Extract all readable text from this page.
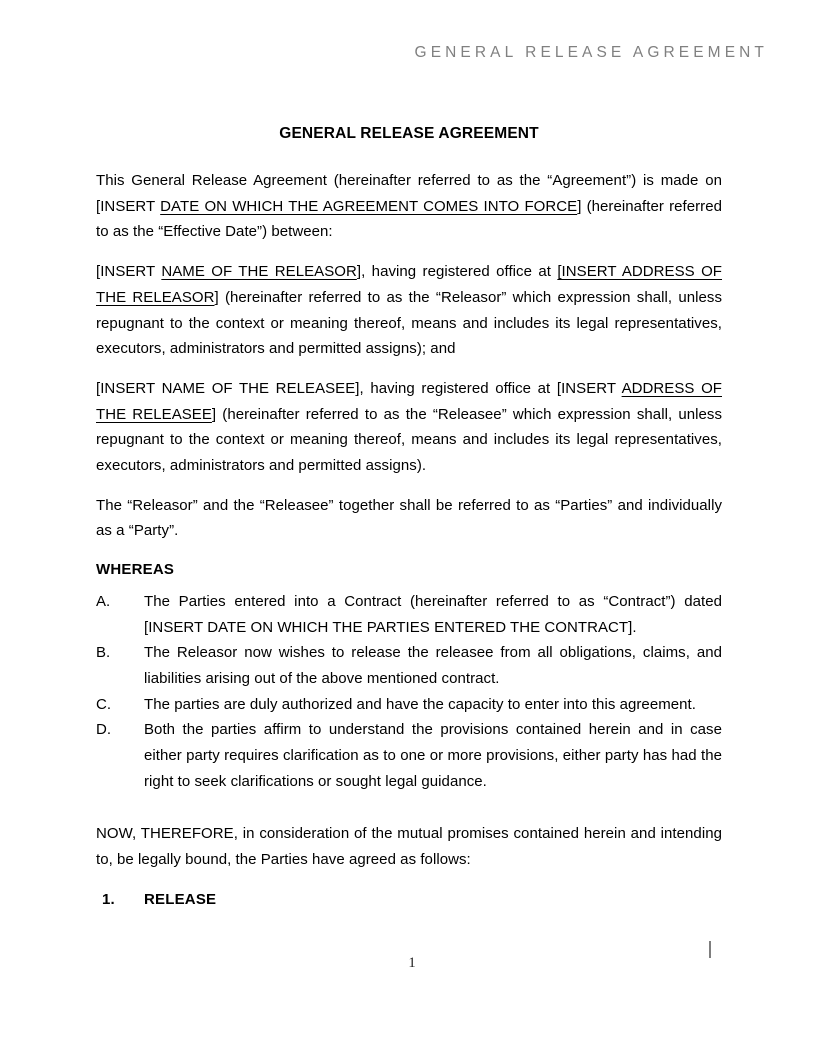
GENERAL RELEASE AGREEMENT
GENERAL RELEASE AGREEMENT

This General Release Agreement (hereinafter referred to as the “Agreement”) is made on [INSERT DATE ON WHICH THE AGREEMENT COMES INTO FORCE] (hereinafter referred to as the “Effective Date”) between:

[INSERT NAME OF THE RELEASOR], having registered office at [INSERT ADDRESS OF THE RELEASOR] (hereinafter referred to as the “Releasor” which expression shall, unless repugnant to the context or meaning thereof, means and includes its legal representatives, executors, administrators and permitted assigns); and

[INSERT NAME OF THE RELEASEE], having registered office at [INSERT ADDRESS OF THE RELEASEE] (hereinafter referred to as the “Releasee” which expression shall, unless repugnant to the context or meaning thereof, means and includes its legal representatives, executors, administrators and permitted assigns).

The “Releasor” and the “Releasee” together shall be referred to as “Parties” and individually as a “Party”.

WHEREAS
A.	The Parties entered into a Contract (hereinafter referred to as “Contract”) dated [INSERT DATE ON WHICH THE PARTIES ENTERED THE CONTRACT].
B.	The Releasor now wishes to release the releasee from all obligations, claims, and liabilities arising out of the above mentioned contract.
C.	The parties are duly authorized and have the capacity to enter into this agreement.
D.	Both the parties affirm to understand the provisions contained herein and in case either party requires clarification as to one or more provisions, either party has had the right to seek clarifications or sought legal guidance.

NOW, THEREFORE, in consideration of the mutual promises contained herein and intending to, be legally bound, the Parties have agreed as follows:

1. RELEASE
1
